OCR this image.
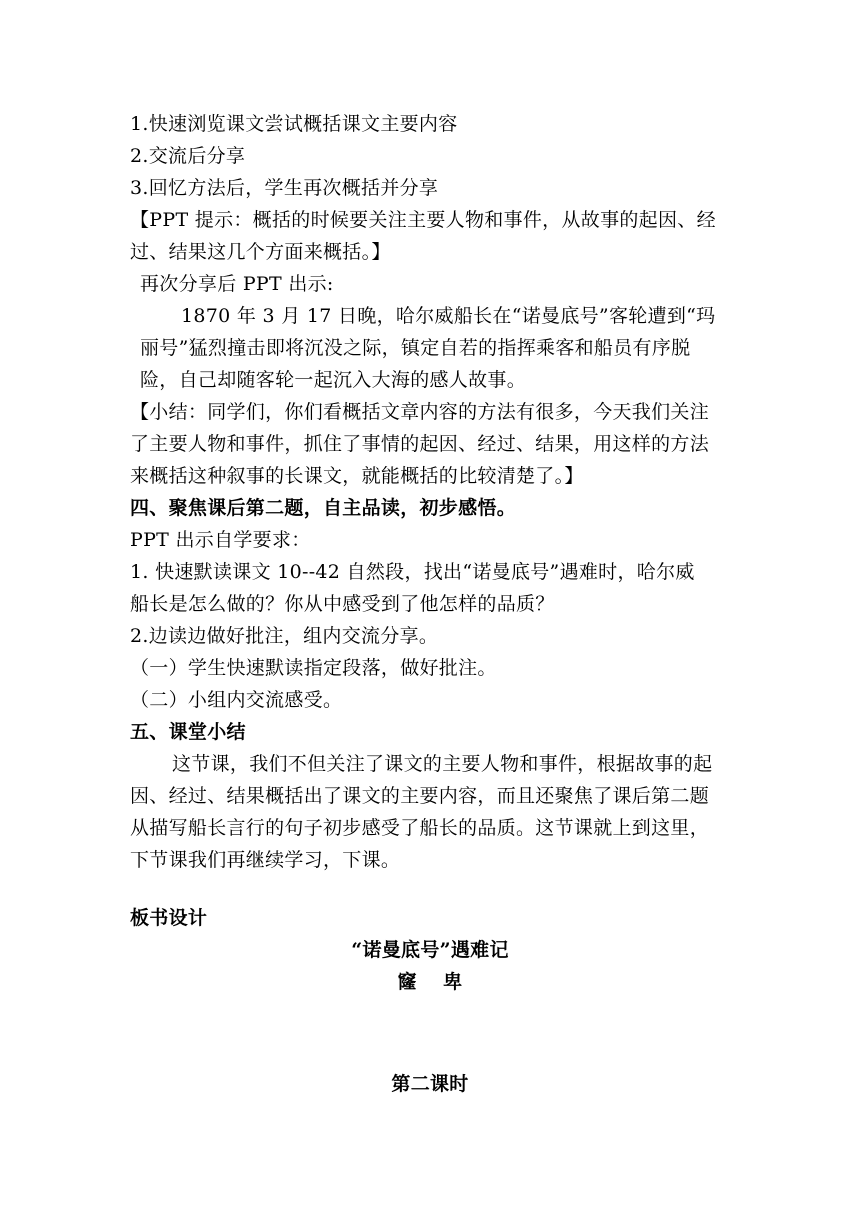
1.快速浏览课文尝试概括课文主要内容
2.交流后分享
3.回忆方法后，学生再次概括并分享
【PPT 提示：概括的时候要关注主要人物和事件，从故事的起因、经
过、结果这几个方面来概括。】
再次分享后 PPT 出示:
1870 年 3 月 17 日晚，哈尔威船长在“诺曼底号”客轮遭到“玛
丽号”猛烈撞击即将沉没之际，镇定自若的指挥乘客和船员有序脱
险，自己却随客轮一起沉入大海的感人故事。
【小结：同学们，你们看概括文章内容的方法有很多，今天我们关注
了主要人物和事件，抓住了事情的起因、经过、结果，用这样的方法
来概括这种叙事的长课文，就能概括的比较清楚了。】
四、聚焦课后第二题，自主品读，初步感悟。
PPT 出示自学要求：
1. 快速默读课文 10--42 自然段，找出“诺曼底号”遇难时，哈尔威
船长是怎么做的？你从中感受到了他怎样的品质？
2.边读边做好批注，组内交流分享。
（一）学生快速默读指定段落，做好批注。
（二）小组内交流感受。
五、课堂小结
这节课，我们不但关注了课文的主要人物和事件，根据故事的起
因、经过、结果概括出了课文的主要内容，而且还聚焦了课后第二题
从描写船长言行的句子初步感受了船长的品质。这节课就上到这里，
下节课我们再继续学习，下课。
板书设计
“诺曼底号”遇难记
窿　 卑
第二课时
